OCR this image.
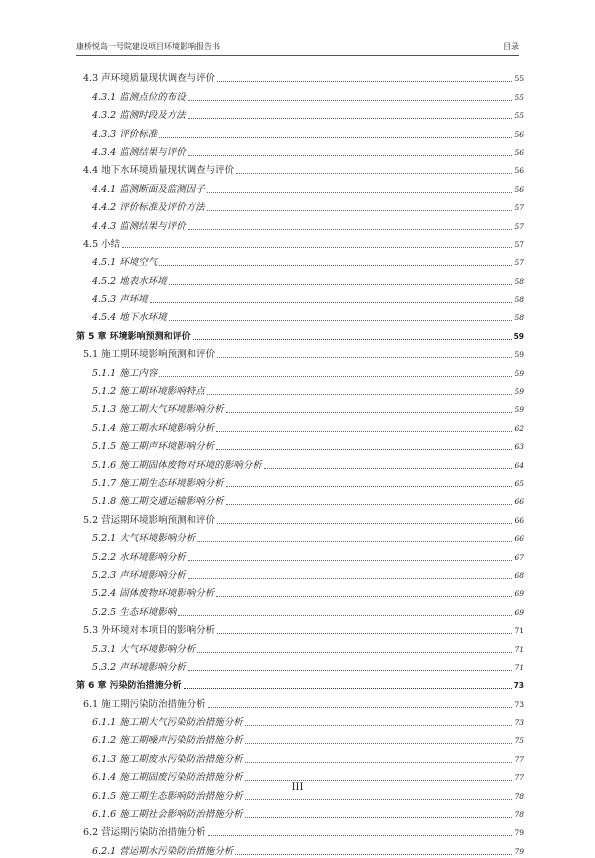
康桥悦岛一号院建设项目环境影响报告书	目录
4.3 声环境质量现状调查与评价	55
4.3.1 监测点位的布设	55
4.3.2 监测时段及方法	55
4.3.3 评价标准	56
4.3.4 监测结果与评价	56
4.4 地下水环境质量现状调查与评价	56
4.4.1 监测断面及监测因子	56
4.4.2 评价标准及评价方法	57
4.4.3 监测结果与评价	57
4.5 小结	57
4.5.1 环境空气	57
4.5.2 地表水环境	58
4.5.3 声环境	58
4.5.4 地下水环境	58
第 5 章 环境影响预测和评价	59
5.1 施工期环境影响预测和评价	59
5.1.1 施工内容	59
5.1.2 施工期环境影响特点	59
5.1.3 施工期大气环境影响分析	59
5.1.4 施工期水环境影响分析	62
5.1.5 施工期声环境影响分析	63
5.1.6 施工期固体废物对环境的影响分析	64
5.1.7 施工期生态环境影响分析	65
5.1.8 施工期交通运输影响分析	66
5.2 营运期环境影响预测和评价	66
5.2.1 大气环境影响分析	66
5.2.2 水环境影响分析	67
5.2.3 声环境影响分析	68
5.2.4 固体废物环境影响分析	69
5.2.5 生态环境影响	69
5.3 外环境对本项目的影响分析	71
5.3.1 大气环境影响分析	71
5.3.2 声环境影响分析	71
第 6 章 污染防治措施分析	73
6.1 施工期污染防治措施分析	73
6.1.1 施工期大气污染防治措施分析	73
6.1.2 施工期噪声污染防治措施分析	75
6.1.3 施工期废水污染防治措施分析	77
6.1.4 施工期固废污染防治措施分析	77
6.1.5 施工期生态影响防治措施分析	78
6.1.6 施工期社会影响防治措施分析	78
6.2 营运期污染防治措施分析	79
6.2.1 营运期水污染防治措施分析	79
III
